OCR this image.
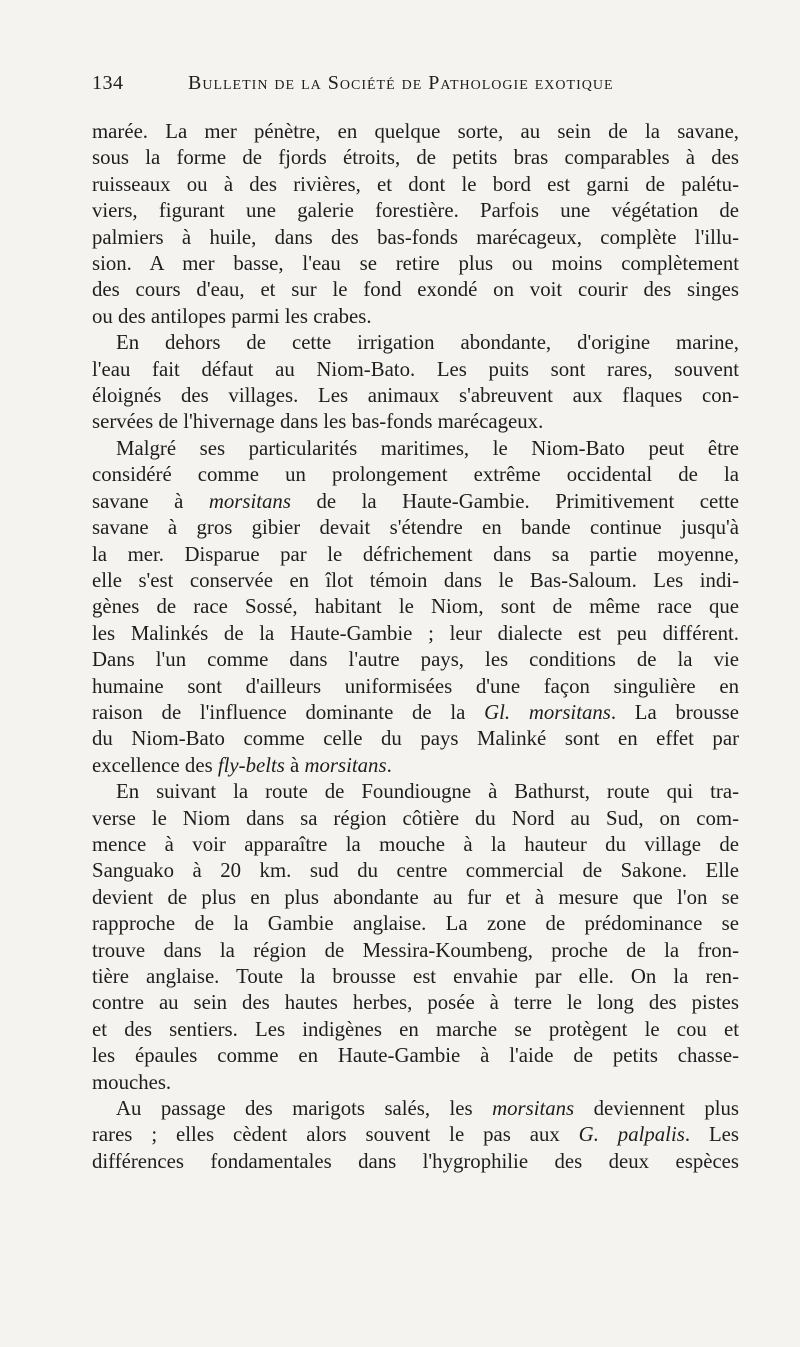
134	Bulletin de la Société de Pathologie exotique
marée. La mer pénètre, en quelque sorte, au sein de la savane,
sous la forme de fjords étroits, de petits bras comparables à des
ruisseaux ou à des rivières, et dont le bord est garni de palétu-
viers, figurant une galerie forestière. Parfois une végétation de
palmiers à huile, dans des bas-fonds marécageux, complète l'illu-
sion. A mer basse, l'eau se retire plus ou moins complètement
des cours d'eau, et sur le fond exondé on voit courir des singes
ou des antilopes parmi les crabes.
En dehors de cette irrigation abondante, d'origine marine,
l'eau fait défaut au Niom-Bato. Les puits sont rares, souvent
éloignés des villages. Les animaux s'abreuvent aux flaques con-
servées de l'hivernage dans les bas-fonds marécageux.
Malgré ses particularités maritimes, le Niom-Bato peut être
considéré comme un prolongement extrême occidental de la
savane à morsitans de la Haute-Gambie. Primitivement cette
savane à gros gibier devait s'étendre en bande continue jusqu'à
la mer. Disparue par le défrichement dans sa partie moyenne,
elle s'est conservée en îlot témoin dans le Bas-Saloum. Les indi-
gènes de race Sossé, habitant le Niom, sont de même race que
les Malinkés de la Haute-Gambie ; leur dialecte est peu différent.
Dans l'un comme dans l'autre pays, les conditions de la vie
humaine sont d'ailleurs uniformisées d'une façon singulière en
raison de l'influence dominante de la Gl. morsitans. La brousse
du Niom-Bato comme celle du pays Malinké sont en effet par
excellence des fly-belts à morsitans.
En suivant la route de Foundiougne à Bathurst, route qui tra-
verse le Niom dans sa région côtière du Nord au Sud, on com-
mence à voir apparaître la mouche à la hauteur du village de
Sanguako à 20 km. sud du centre commercial de Sakone. Elle
devient de plus en plus abondante au fur et à mesure que l'on se
rapproche de la Gambie anglaise. La zone de prédominance se
trouve dans la région de Messira-Koumbeng, proche de la fron-
tière anglaise. Toute la brousse est envahie par elle. On la ren-
contre au sein des hautes herbes, posée à terre le long des pistes
et des sentiers. Les indigènes en marche se protègent le cou et
les épaules comme en Haute-Gambie à l'aide de petits chasse-
mouches.
Au passage des marigots salés, les morsitans deviennent plus
rares ; elles cèdent alors souvent le pas aux G. palpalis. Les
différences fondamentales dans l'hygrophilie des deux espèces
